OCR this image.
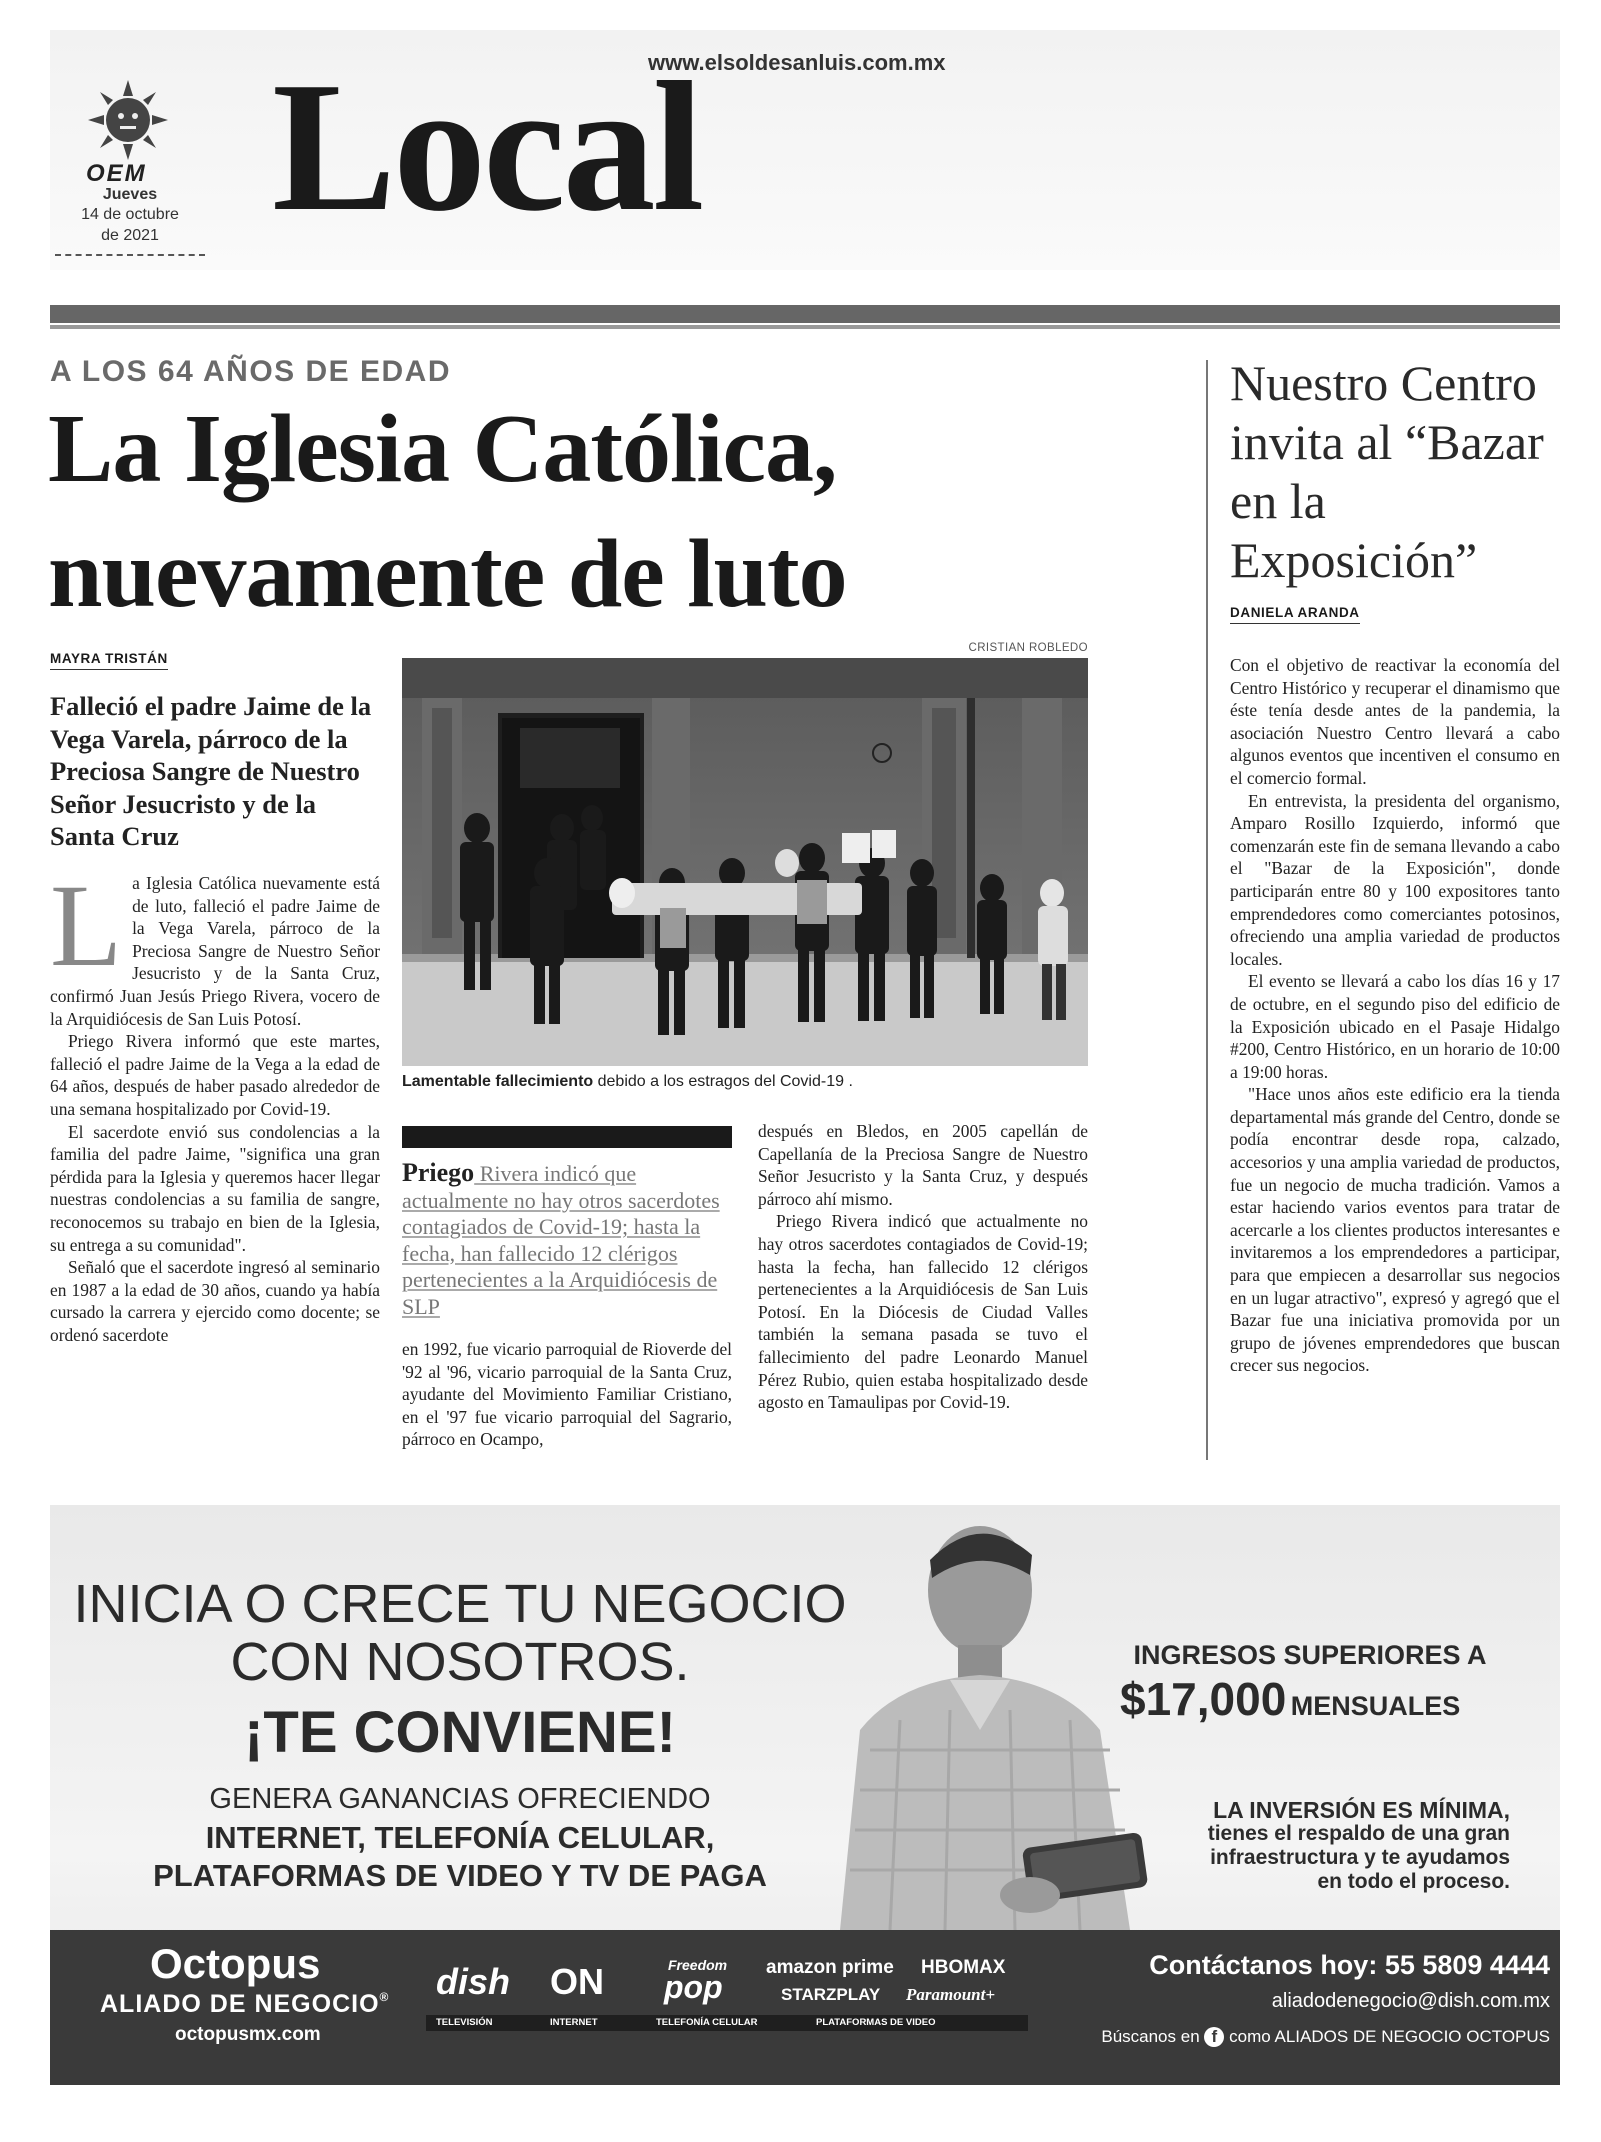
www.elsoldesanluis.com.mx
OEM
Jueves
14 de octubre
de 2021 Local
A LOS 64 AÑOS DE EDAD
La Iglesia Católica,
nuevamente de luto
MAYRA TRISTÁN
Falleció el padre Jaime de la Vega Varela, párroco de la Preciosa Sangre de Nuestro Señor Jesucristo y de la Santa Cruz

La Iglesia Católica nuevamente está de luto, falleció el padre Jaime de la Vega Varela, párroco de la Preciosa Sangre de Nuestro Señor Jesucristo y de la Santa Cruz, confirmó Juan Jesús Priego Rivera, vocero de la Arquidiócesis de San Luis Potosí.

Priego Rivera informó que este martes, falleció el padre Jaime de la Vega a la edad de 64 años, después de haber pasado alrededor de una semana hospitalizado por Covid-19.

El sacerdote envió sus condolencias a la familia del padre Jaime, "significa una gran pérdida para la Iglesia y queremos hacer llegar nuestras condolencias a su familia de sangre, reconocemos su trabajo en bien de la Iglesia, su entrega a su comunidad".

Señaló que el sacerdote ingresó al seminario en 1987 a la edad de 30 años, cuando ya había cursado la carrera y ejercido como docente; se ordenó sacerdote

CRISTIAN ROBLEDO
Lamentable fallecimiento debido a los estragos del Covid-19 .
Priego Rivera indicó que actualmente no hay otros sacerdotes contagiados de Covid-19; hasta la fecha, han fallecido 12 clérigos pertenecientes a la Arquidiócesis de SLP

en 1992, fue vicario parroquial de Rioverde del '92 al '96, vicario parroquial de la Santa Cruz, ayudante del Movimiento Familiar Cristiano, en el '97 fue vicario parroquial del Sagrario, párroco en Ocampo,

después en Bledos, en 2005 capellán de Capellanía de la Preciosa Sangre de Nuestro Señor Jesucristo y la Santa Cruz, y después párroco ahí mismo.

Priego Rivera indicó que actualmente no hay otros sacerdotes contagiados de Covid-19; hasta la fecha, han fallecido 12 clérigos pertenecientes a la Arquidiócesis de San Luis Potosí. En la Diócesis de Ciudad Valles también la semana pasada se tuvo el fallecimiento del padre Leonardo Manuel Pérez Rubio, quien estaba hospitalizado desde agosto en Tamaulipas por Covid-19.

Nuestro Centro invita al “Bazar en la Exposición”
DANIELA ARANDA

Con el objetivo de reactivar la economía del Centro Histórico y recuperar el dinamismo que éste tenía desde antes de la pandemia, la asociación Nuestro Centro llevará a cabo algunos eventos que incentiven el consumo en el comercio formal.

En entrevista, la presidenta del organismo, Amparo Rosillo Izquierdo, informó que comenzarán este fin de semana llevando a cabo el "Bazar de la Exposición", donde participarán entre 80 y 100 expositores tanto emprendedores como comerciantes potosinos, ofreciendo una amplia variedad de productos locales.

El evento se llevará a cabo los días 16 y 17 de octubre, en el segundo piso del edificio de la Exposición ubicado en el Pasaje Hidalgo #200, Centro Histórico, en un horario de 10:00 a 19:00 horas.

"Hace unos años este edificio era la tienda departamental más grande del Centro, donde se podía encontrar desde ropa, calzado, accesorios y una amplia variedad de productos, fue un negocio de mucha tradición. Vamos a estar haciendo varios eventos para tratar de acercarle a los clientes productos interesantes e invitaremos a los emprendedores a participar, para que empiecen a desarrollar sus negocios en un lugar atractivo", expresó y agregó que el Bazar fue una iniciativa promovida por un grupo de jóvenes emprendedores que buscan crecer sus negocios.

INICIA O CRECE TU NEGOCIO
CON NOSOTROS.
¡TE CONVIENE!
GENERA GANANCIAS OFRECIENDO
INTERNET, TELEFONÍA CELULAR,
PLATAFORMAS DE VIDEO Y TV DE PAGA
INGRESOS SUPERIORES A
$17,000 MENSUALES
LA INVERSIÓN ES MÍNIMA,
tienes el respaldo de una gran
infraestructura y te ayudamos
en todo el proceso.
Octopus
ALIADO DE NEGOCIO®
octopusmx.com
dish ON	Freedom
pop
amazon prime HBOMAX
STARZPLAY Paramount+
TELEVISIÓN	INTERNET	TELEFONÍA CELULAR	PLATAFORMAS DE VIDEO
Contáctanos hoy: 55 5809 4444
aliadodenegocio@dish.com.mx
Búscanos en f como ALIADOS DE NEGOCIO OCTOPUS
